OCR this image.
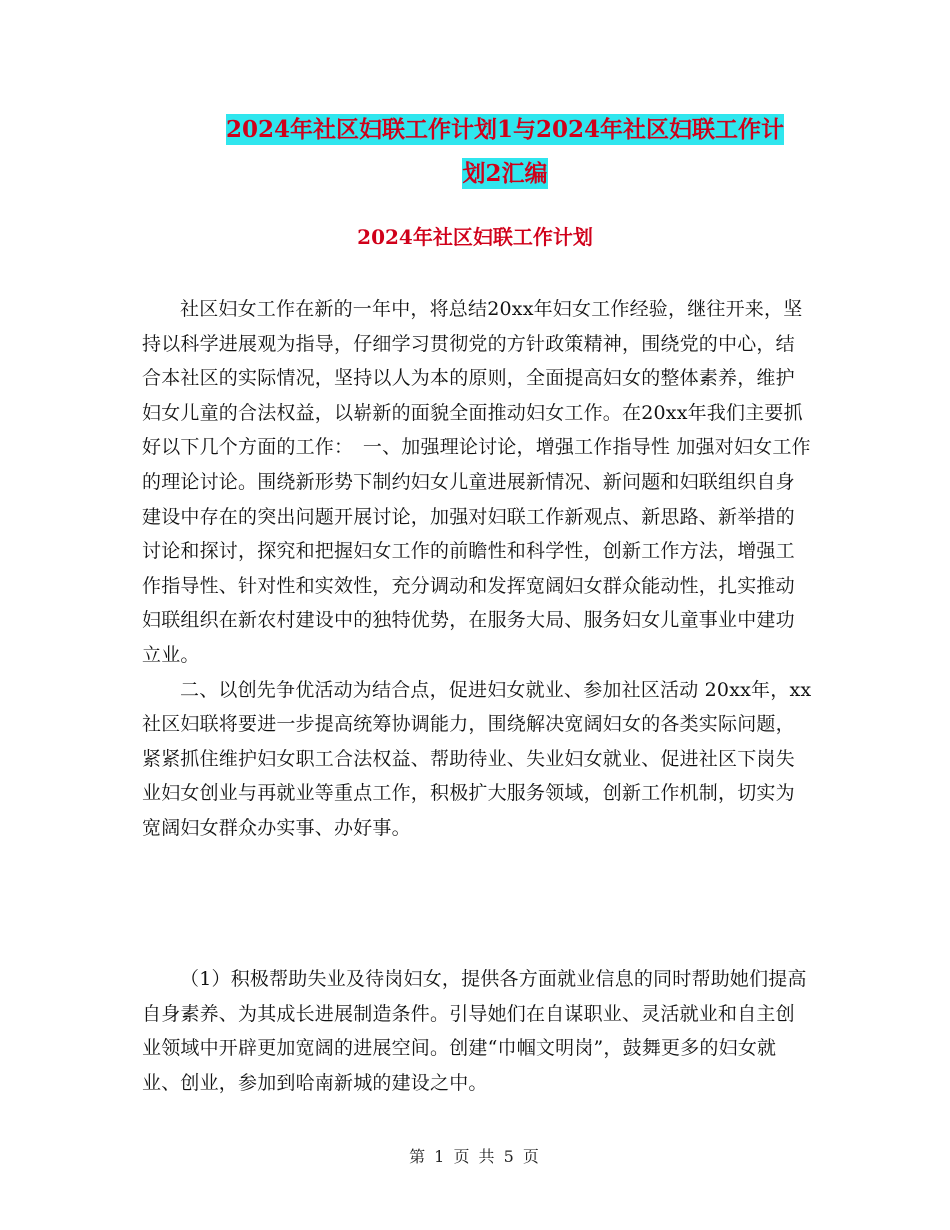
2024年社区妇联工作计划1与2024年社区妇联工作计
划2汇编
2024年社区妇联工作计划

社区妇女工作在新的一年中，将总结20xx年妇女工作经验，继往开来，坚持以科学进展观为指导，仔细学习贯彻党的方针政策精神，围绕党的中心，结合本社区的实际情况，坚持以人为本的原则，全面提高妇女的整体素养，维护妇女儿童的合法权益，以崭新的面貌全面推动妇女工作。在20xx年我们主要抓好以下几个方面的工作：　一、加强理论讨论，增强工作指导性 加强对妇女工作的理论讨论。围绕新形势下制约妇女儿童进展新情况、新问题和妇联组织自身建设中存在的突出问题开展讨论，加强对妇联工作新观点、新思路、新举措的讨论和探讨，探究和把握妇女工作的前瞻性和科学性，创新工作方法，增强工作指导性、针对性和实效性，充分调动和发挥宽阔妇女群众能动性，扎实推动妇联组织在新农村建设中的独特优势，在服务大局、服务妇女儿童事业中建功立业。

二、以创先争优活动为结合点，促进妇女就业、参加社区活动 20xx年，xx社区妇联将要进一步提高统筹协调能力，围绕解决宽阔妇女的各类实际问题，紧紧抓住维护妇女职工合法权益、帮助待业、失业妇女就业、促进社区下岗失业妇女创业与再就业等重点工作，积极扩大服务领域，创新工作机制，切实为宽阔妇女群众办实事、办好事。

（1）积极帮助失业及待岗妇女，提供各方面就业信息的同时帮助她们提高自身素养、为其成长进展制造条件。引导她们在自谋职业、灵活就业和自主创业领域中开辟更加宽阔的进展空间。创建“巾帼文明岗”，鼓舞更多的妇女就业、创业，参加到哈南新城的建设之中。

第 1 页 共 5 页
